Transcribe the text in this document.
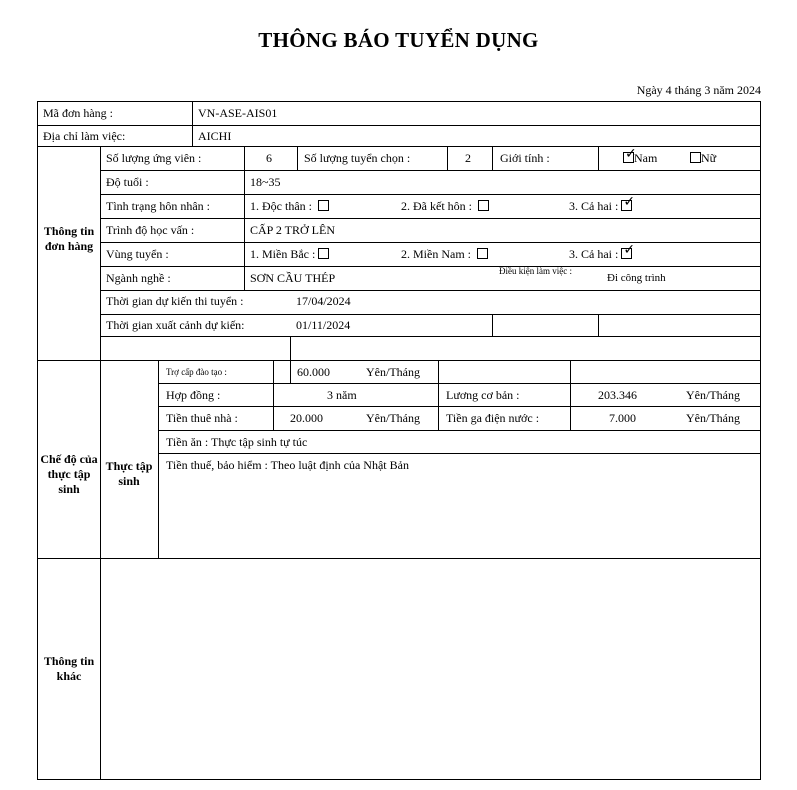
THÔNG BÁO TUYỂN DỤNG
Ngày 4 tháng 3 năm 2024
Mã đơn hàng :	VN-ASE-AIS01
Địa chỉ làm việc:	AICHI
Thông tin đơn hàng
Số lượng ứng viên :	6	Số lượng tuyển chọn :	2 Giới tính :
✓	Nam	Nữ
Độ tuổi :	18~35
Tình trạng hôn nhân :	1. Độc thân :	2. Đã kết hôn :	3. Cả hai : ✓
Trình độ học vấn :	CẤP 2 TRỞ LÊN
Vùng tuyển :	1. Miền Bắc :	2. Miền Nam :	3. Cả hai : ✓
Ngành nghề :	SƠN CẦU THÉP	Điều kiện làm việc :
Đi công trình
Thời gian dự kiến thi tuyển :	17/04/2024
Thời gian xuất cảnh dự kiến:	01/11/2024
Chế độ của thực tập sinh
Thực tập sinh
Trợ cấp đào tạo :	60.000	Yên/Tháng
Hợp đồng :	3 năm	Lương cơ bản :	203.346	Yên/Tháng
Tiền thuê nhà :	20.000	Yên/Tháng Tiền ga điện nước :	7.000	Yên/Tháng
Tiền ăn : Thực tập sinh tự túc
Tiền thuế, bảo hiểm : Theo luật định của Nhật Bản
Thông tin khác
